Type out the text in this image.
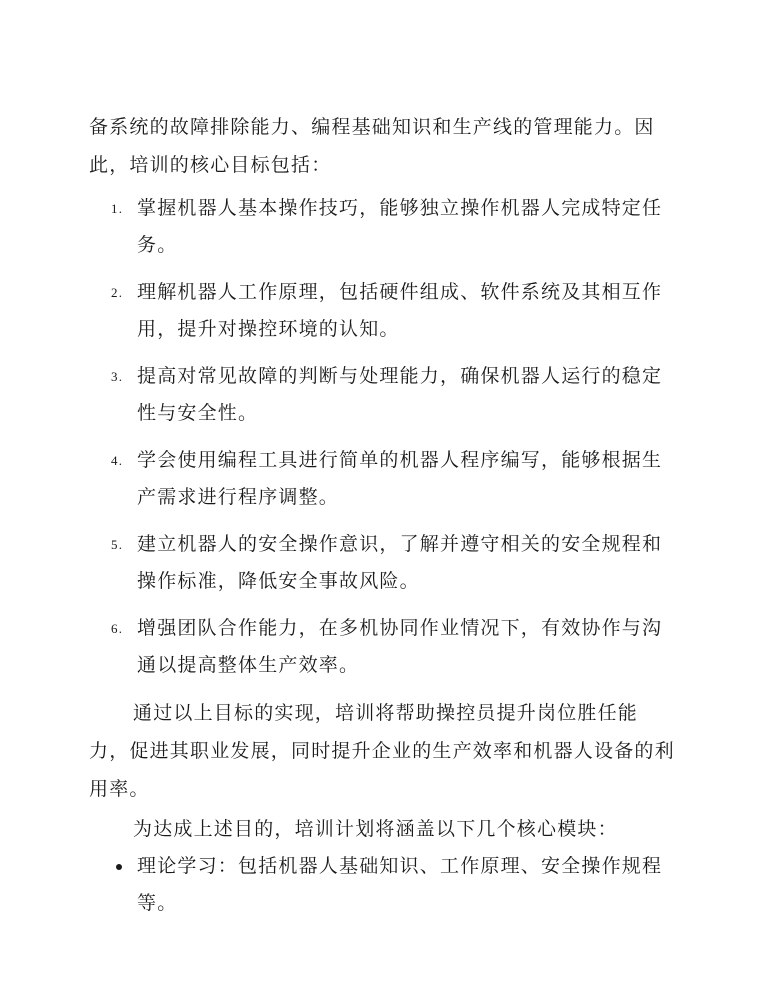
备系统的故障排除能力、编程基础知识和生产线的管理能力。因此，培训的核心目标包括：

1. 掌握机器人基本操作技巧，能够独立操作机器人完成特定任务。
2. 理解机器人工作原理，包括硬件组成、软件系统及其相互作用，提升对操控环境的认知。
3. 提高对常见故障的判断与处理能力，确保机器人运行的稳定性与安全性。
4. 学会使用编程工具进行简单的机器人程序编写，能够根据生产需求进行程序调整。
5. 建立机器人的安全操作意识，了解并遵守相关的安全规程和操作标准，降低安全事故风险。
6. 增强团队合作能力，在多机协同作业情况下，有效协作与沟通以提高整体生产效率。

通过以上目标的实现，培训将帮助操控员提升岗位胜任能力，促进其职业发展，同时提升企业的生产效率和机器人设备的利用率。

为达成上述目的，培训计划将涵盖以下几个核心模块：

理论学习：包括机器人基础知识、工作原理、安全操作规程等。
